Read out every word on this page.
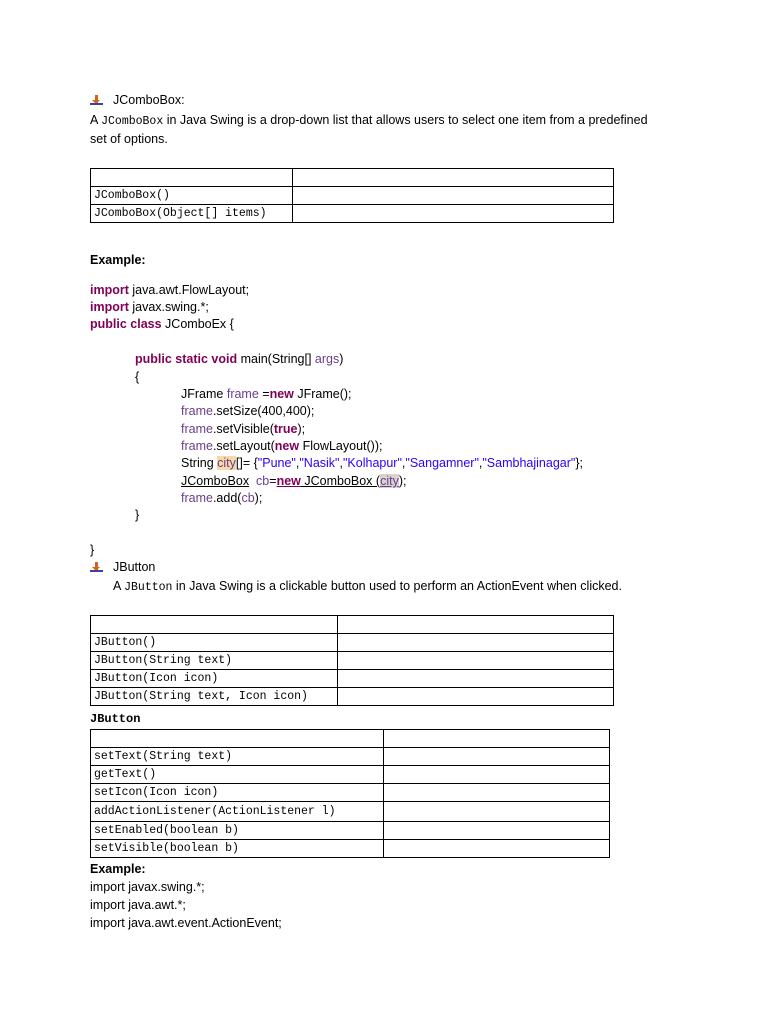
JComboBox:
A JComboBox in Java Swing is a drop-down list that allows users to select one item from a predefined
set of options.

JComboBox()	
JComboBox(Object[] items)	
Example:
import java.awt.FlowLayout;
import javax.swing.*;
public class JComboEx {
public static void main(String[] args)
{
JFrame frame =new JFrame();
frame.setSize(400,400);
frame.setVisible(true);
frame.setLayout(new FlowLayout());
String city[]= {"Pune","Nasik","Kolhapur","Sangamner","Sambhajinagar"};
JComboBox cb=new JComboBox (city);
frame.add(cb);
}
}
JButton
A JButton in Java Swing is a clickable button used to perform an ActionEvent when clicked.

JButton()	
JButton(String text)	
JButton(Icon icon)	
JButton(String text, Icon icon)	
JButton

setText(String text)	
getText()	
setIcon(Icon icon)	
addActionListener(ActionListener l)	
setEnabled(boolean b)	
setVisible(boolean b)	
Example:
import javax.swing.*;
import java.awt.*;
import java.awt.event.ActionEvent;
